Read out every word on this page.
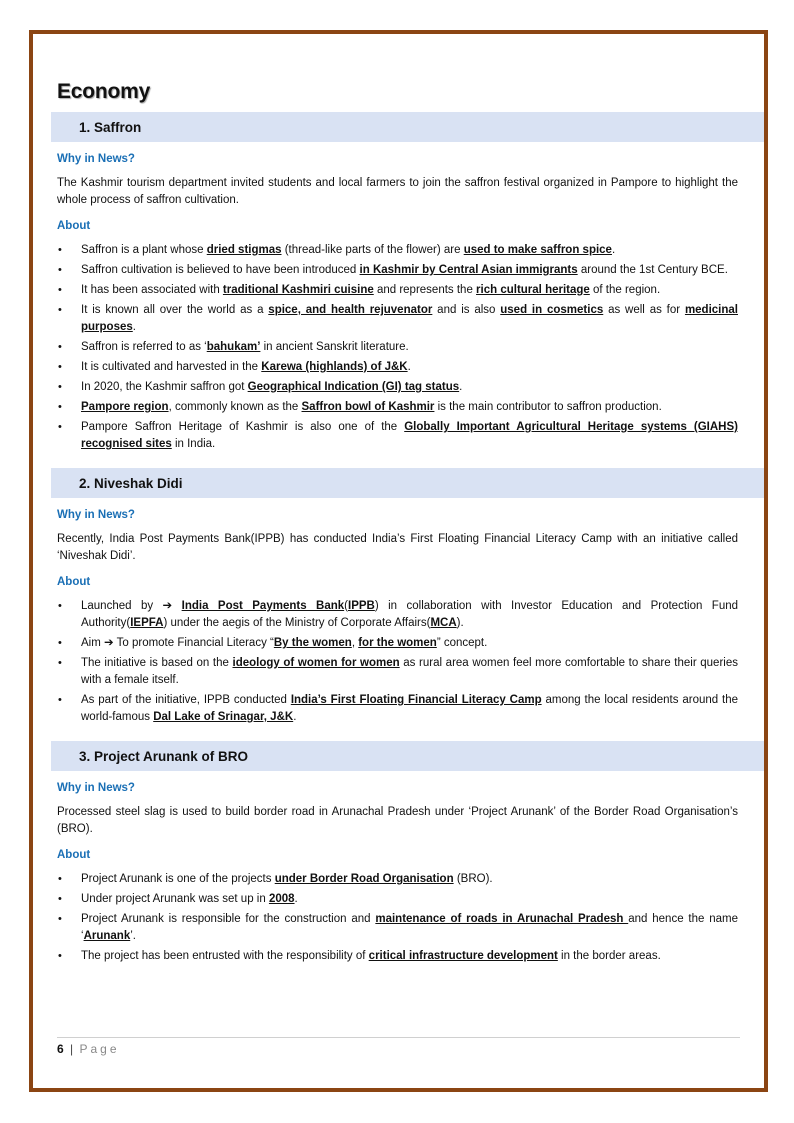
Economy
1. Saffron
Why in News?

The Kashmir tourism department invited students and local farmers to join the saffron festival organized in Pampore to highlight the whole process of saffron cultivation.

About
• Saffron is a plant whose dried stigmas (thread-like parts of the flower) are used to make saffron spice.
• Saffron cultivation is believed to have been introduced in Kashmir by Central Asian immigrants around the 1st Century BCE.
• It has been associated with traditional Kashmiri cuisine and represents the rich cultural heritage of the region.
• It is known all over the world as a spice, and health rejuvenator and is also used in cosmetics as well as for medicinal purposes.
• Saffron is referred to as ‘bahukam’ in ancient Sanskrit literature.
• It is cultivated and harvested in the Karewa (highlands) of J&K.
• In 2020, the Kashmir saffron got Geographical Indication (GI) tag status.
• Pampore region, commonly known as the Saffron bowl of Kashmir is the main contributor to saffron production.
• Pampore Saffron Heritage of Kashmir is also one of the Globally Important Agricultural Heritage systems (GIAHS) recognised sites in India.
2. Niveshak Didi
Why in News?

Recently, India Post Payments Bank(IPPB) has conducted India’s First Floating Financial Literacy Camp with an initiative called ‘Niveshak Didi’.

About
• Launched by ➔ India Post Payments Bank(IPPB) in collaboration with Investor Education and Protection Fund Authority(IEPFA) under the aegis of the Ministry of Corporate Affairs(MCA).
• Aim ➔ To promote Financial Literacy “By the women, for the women” concept.
• The initiative is based on the ideology of women for women as rural area women feel more comfortable to share their queries with a female itself.
• As part of the initiative, IPPB conducted India’s First Floating Financial Literacy Camp among the local residents around the world-famous Dal Lake of Srinagar, J&K.
3. Project Arunank of BRO
Why in News?

Processed steel slag is used to build border road in Arunachal Pradesh under ‘Project Arunank’ of the Border Road Organisation’s (BRO).

About
• Project Arunank is one of the projects under Border Road Organisation (BRO).
• Under project Arunank was set up in 2008.
• Project Arunank is responsible for the construction and maintenance of roads in Arunachal Pradesh and hence the name ‘Arunank’.
• The project has been entrusted with the responsibility of critical infrastructure development in the border areas.
6 | Page
